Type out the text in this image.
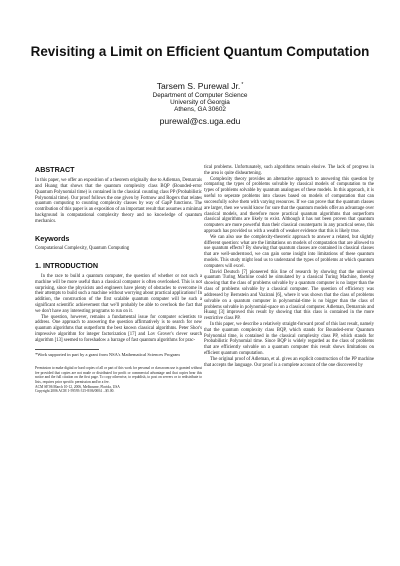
Revisiting a Limit on Efficient Quantum Computation
Tarsem S. Purewal Jr.*
Department of Computer Science
University of Georgia
Athens, GA 30602
purewal@cs.uga.edu
ABSTRACT

In this paper, we offer an exposition of a theorem originally due to Adleman, Demarrais and Huang that shows that the quantum complexity class BQP (Bounded-error Quantum Polynomial time) is contained in the classical counting class PP (Probabilistic Polynomial time). Our proof follows the one given by Fortnow and Rogers that relates quantum computing to counting complexity classes by way of GapP functions. The contribution of this paper is an exposition of an important result that assumes a minimal background in computational complexity theory and no knowledge of quantum mechanics.

Keywords

Computational Complexity, Quantum Computing

1. INTRODUCTION

In the race to build a quantum computer, the question of whether or not such a machine will be more useful than a classical computer is often overlooked. This is not surprising, since the physicists and engineers have plenty of obstacles to overcome in their attempts to build such a machine without worrying about practical applications! In addition, the construction of the first scalable quantum computer will be such a significant scientific achievement that we'll probably be able to overlook the fact that we don't have any interesting programs to run on it.

The question, however, remains a fundamental issue for computer scientists to address. One approach to answering the question affirmatively is to search for new quantum algorithms that outperform the best known classical algorithms. Peter Shor's impressive algorithm for integer factorization [17] and Lov Grover's clever search algorithm [13] seemed to foreshadow a barrage of fast quantum algorithms for prac-

*Work supported in part by a grant from NSA's Mathematical Sciences Program

Permission to make digital or hard copies of all or part of this work for personal or classroom use is granted without fee provided that copies are not made or distributed for profit or commercial advantage and that copies bear this notice and the full citation on the first page. To copy otherwise, to republish, to post on servers or to redistribute to lists, requires prior specific permission and/or a fee.

ACM SE'06 March 10-12, 2006, Melbourne, Florida, USA

Copyright 2006 ACM 1-59593-315-8/06/0004 ...$5.00.

tical problems. Unfortunately, such algorithms remain elusive. The lack of progress in the area is quite disheartening.

Complexity theory provides an alternative approach to answering this question by comparing the types of problems solvable by classical models of computation to the types of problems solvable by quantum analogues of these models. In this approach, it is useful to seperate problems into classes based on models of computation that can successfully solve them with varying resources. If we can prove that the quantum classes are larger, then we would know for sure that the quantum models offer an advantage over classical models, and therefore more practical quantum algorithms that outperform classical algorithms are likely to exist. Although it has not been proven that quantum computers are more powerful than their classical counterparts in any practical sense, this approach has provided us with a wealth of weaker evidence that this is likely true.

We can also use the complexity-theoretic approach to answer a related, but slightly different question: what are the limitations on models of computation that are allowed to use quantum effects? By showing that quantum classes are contained in classical classes that are well-understood, we can gain some insight into limitations of these quantum models. This study might lead us to understand the types of problems at which quantum computers will excel.

David Deutsch [7] pioneered this line of research by showing that the universal quantum Turing Machine could be simulated by a classical Turing Machine, thereby showing that the class of problems solvable by a quantum computer is no larger than the class of problems solvable by a classical computer. The question of efficiency was addressed by Bernstein and Vazirani [6], where it was shown that the class of problems solvable on a quantum computer in polynomial-time is no bigger than the class of problems solvable in polynomial-space on a classical computer. Adleman, Demarrais and Huang [3] improved this result by showing that this class is contained in the more restrictive class PP.

In this paper, we describe a relatively straight-forward proof of this last result, namely that the quantum complexity class BQP, which stands for Bounded-error Quantum Polynomial time, is contained in the classical complexity class PP, which stands for Probabilistic Polynomial time. Since BQP is widely regarded as the class of problems that are efficiently solvable on a quantum computer this result shows limitations on efficient quantum computation.

The original proof of Adleman, et al. gives an explicit construction of the PP machine that accepts the language. Our proof is a complete account of the one discovered by
